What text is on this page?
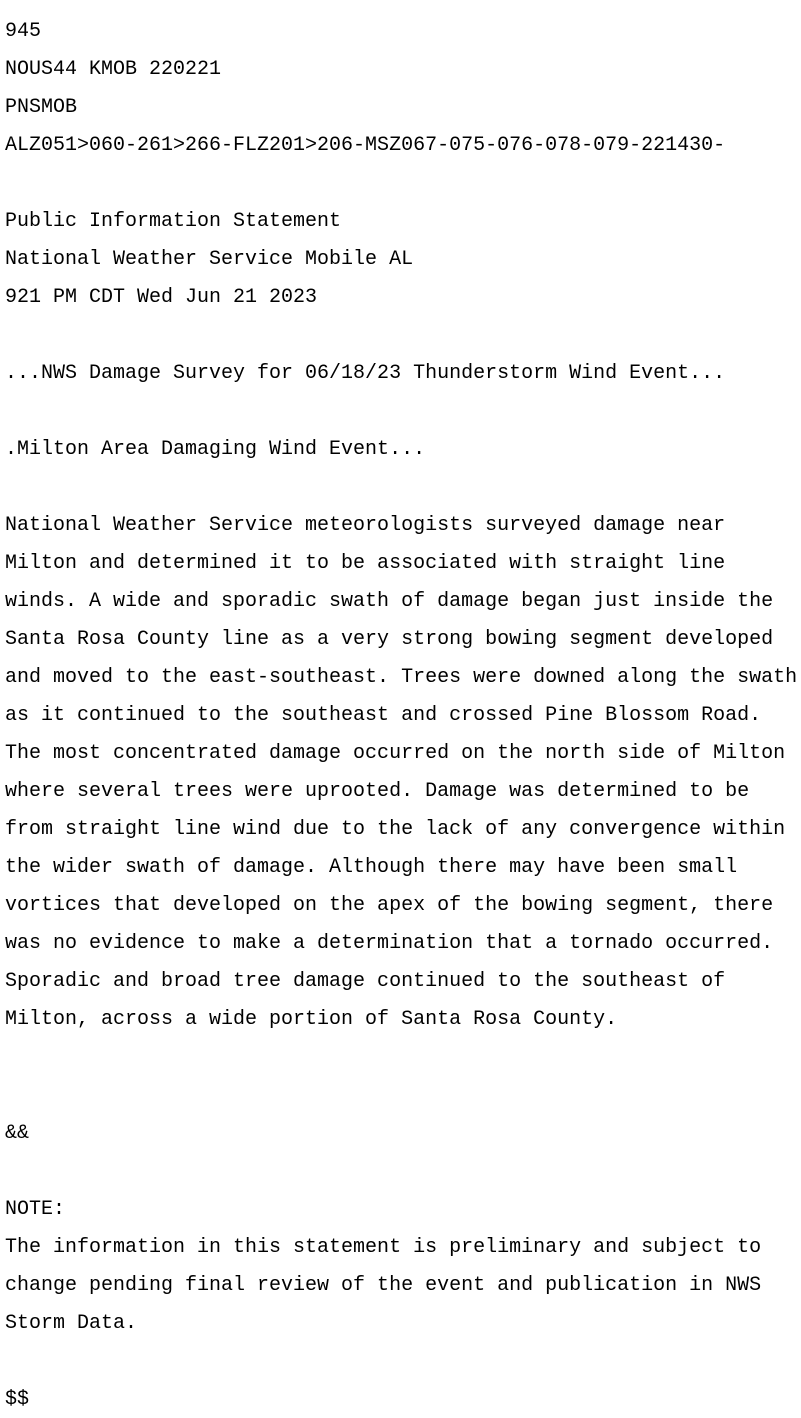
945

NOUS44 KMOB 220221

PNSMOB

ALZ051>060-261>266-FLZ201>206-MSZ067-075-076-078-079-221430-

Public Information Statement

National Weather Service Mobile AL

921 PM CDT Wed Jun 21 2023

...NWS Damage Survey for 06/18/23 Thunderstorm Wind Event...

.Milton Area Damaging Wind Event...

National Weather Service meteorologists surveyed damage near

Milton and determined it to be associated with straight line

winds. A wide and sporadic swath of damage began just inside the

Santa Rosa County line as a very strong bowing segment developed

and moved to the east-southeast. Trees were downed along the swath

as it continued to the southeast and crossed Pine Blossom Road.

The most concentrated damage occurred on the north side of Milton

where several trees were uprooted. Damage was determined to be

from straight line wind due to the lack of any convergence within

the wider swath of damage. Although there may have been small

vortices that developed on the apex of the bowing segment, there

was no evidence to make a determination that a tornado occurred.

Sporadic and broad tree damage continued to the southeast of

Milton, across a wide portion of Santa Rosa County.

&&

NOTE:

The information in this statement is preliminary and subject to

change pending final review of the event and publication in NWS

Storm Data.

$$
